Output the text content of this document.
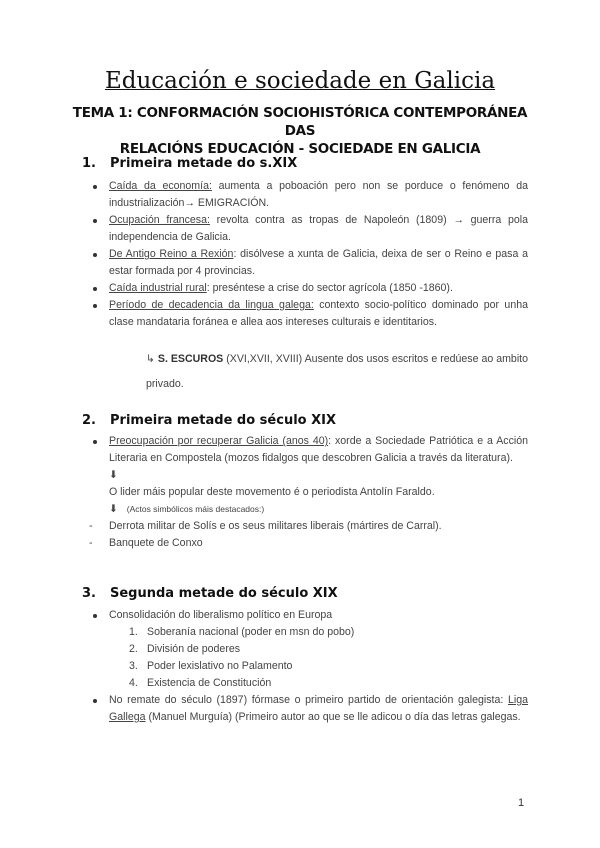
Educación e sociedade en Galicia
TEMA 1: CONFORMACIÓN SOCIOHISTÓRICA CONTEMPORÁNEA DAS
RELACIÓNS EDUCACIÓN - SOCIEDADE EN GALICIA
1. Primeira metade do s.XIX
Caída da economía: aumenta a poboación pero non se porduce o fenómeno da industrialización→ EMIGRACIÓN.
Ocupación francesa: revolta contra as tropas de Napoleón (1809) → guerra pola independencia de Galicia.
De Antigo Reino a Rexión: disólvese a xunta de Galicia, deixa de ser o Reino e pasa a estar formada por 4 provincias.
Caída industrial rural: preséntese a crise do sector agrícola (1850 -1860).
Período de decadencia da lingua galega: contexto socio-político dominado por unha clase mandataria foránea e allea aos intereses culturais e identitarios.
↳ S. ESCUROS (XVI,XVII, XVIII) Ausente dos usos escritos e redúese ao ambito privado.
2. Primeira metade do século XIX
Preocupación por recuperar Galicia (anos 40): xorde a Sociedade Patriótica e a Acción Literaria en Compostela (mozos fidalgos que descobren Galicia a través da literatura).
⬇
O lider máis popular deste movemento é o periodista Antolín Faraldo.
⬇ (Actos simbólicos máis destacados:)
- Derrota militar de Solís e os seus militares liberais (mártires de Carral).
- Banquete de Conxo
3. Segunda metade do século XIX
Consolidación do liberalismo político en Europa
1. Soberanía nacional (poder en msn do pobo)
2. División de poderes
3. Poder lexislativo no Palamento
4. Existencia de Constitución
No remate do século (1897) fórmase o primeiro partido de orientación galegista: Liga Gallega (Manuel Murguía) (Primeiro autor ao que se lle adicou o día das letras galegas.
1
